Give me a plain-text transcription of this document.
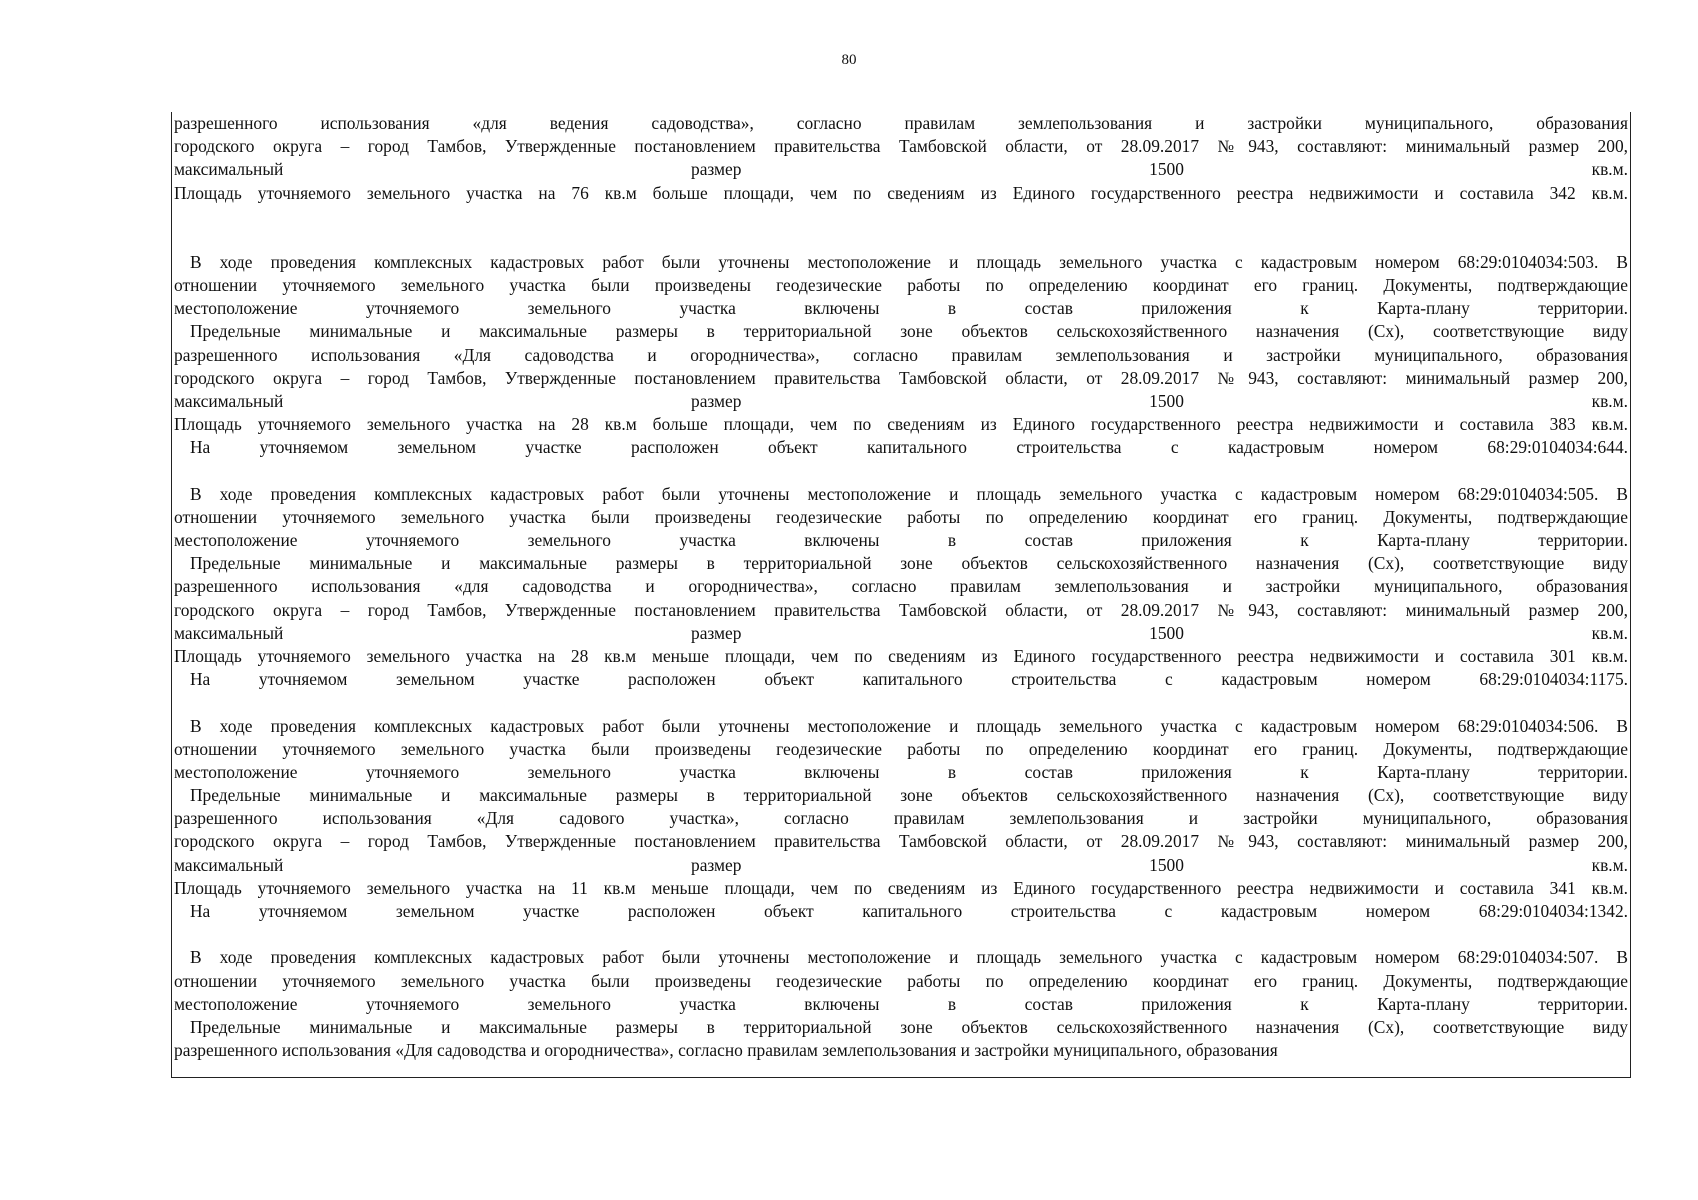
80
разрешенного использования «для ведения садоводства», согласно правилам землепользования и застройки муниципального, образования
городского округа – город Тамбов, Утвержденные постановлением правительства Тамбовской области, от 28.09.2017 №943, составляют: минимальный размер 200,
максимальный размер 1500 кв.м.
Площадь уточняемого земельного участка на 76 кв.м больше площади, чем по сведениям из Единого государственного реестра недвижимости и составила 342 кв.м.
В ходе проведения комплексных кадастровых работ были уточнены местоположение и площадь земельного участка с кадастровым номером 68:29:0104034:503. В
отношении уточняемого земельного участка были произведены геодезические работы по определению координат его границ. Документы, подтверждающие
местоположение уточняемого земельного участка включены в состав приложения к Карта-плану территории.
Предельные минимальные и максимальные размеры в территориальной зоне объектов сельскохозяйственного назначения (Сх), соответствующие виду
разрешенного использования «Для садоводства и огородничества», согласно правилам землепользования и застройки муниципального, образования
городского округа – город Тамбов, Утвержденные постановлением правительства Тамбовской области, от 28.09.2017 №943, составляют: минимальный размер 200,
максимальный размер 1500 кв.м.
Площадь уточняемого земельного участка на 28 кв.м больше площади, чем по сведениям из Единого государственного реестра недвижимости и составила 383 кв.м.
На уточняемом земельном участке расположен объект капитального строительства с кадастровым номером 68:29:0104034:644.
В ходе проведения комплексных кадастровых работ были уточнены местоположение и площадь земельного участка с кадастровым номером 68:29:0104034:505. В
отношении уточняемого земельного участка были произведены геодезические работы по определению координат его границ. Документы, подтверждающие
местоположение уточняемого земельного участка включены в состав приложения к Карта-плану территории.
Предельные минимальные и максимальные размеры в территориальной зоне объектов сельскохозяйственного назначения (Сх), соответствующие виду
разрешенного использования «для садоводства и огородничества», согласно правилам землепользования и застройки муниципального, образования
городского округа – город Тамбов, Утвержденные постановлением правительства Тамбовской области, от 28.09.2017 №943, составляют: минимальный размер 200,
максимальный размер 1500 кв.м.
Площадь уточняемого земельного участка на 28 кв.м меньше площади, чем по сведениям из Единого государственного реестра недвижимости и составила 301 кв.м.
На уточняемом земельном участке расположен объект капитального строительства с кадастровым номером 68:29:0104034:1175.
В ходе проведения комплексных кадастровых работ были уточнены местоположение и площадь земельного участка с кадастровым номером 68:29:0104034:506. В
отношении уточняемого земельного участка были произведены геодезические работы по определению координат его границ. Документы, подтверждающие
местоположение уточняемого земельного участка включены в состав приложения к Карта-плану территории.
Предельные минимальные и максимальные размеры в территориальной зоне объектов сельскохозяйственного назначения (Сх), соответствующие виду
разрешенного использования «Для садового участка», согласно правилам землепользования и застройки муниципального, образования
городского округа – город Тамбов, Утвержденные постановлением правительства Тамбовской области, от 28.09.2017 №943, составляют: минимальный размер 200,
максимальный размер 1500 кв.м.
Площадь уточняемого земельного участка на 11 кв.м меньше площади, чем по сведениям из Единого государственного реестра недвижимости и составила 341 кв.м.
На уточняемом земельном участке расположен объект капитального строительства с кадастровым номером 68:29:0104034:1342.
В ходе проведения комплексных кадастровых работ были уточнены местоположение и площадь земельного участка с кадастровым номером 68:29:0104034:507. В
отношении уточняемого земельного участка были произведены геодезические работы по определению координат его границ. Документы, подтверждающие
местоположение уточняемого земельного участка включены в состав приложения к Карта-плану территории.
Предельные минимальные и максимальные размеры в территориальной зоне объектов сельскохозяйственного назначения (Сх), соответствующие виду
разрешенного использования «Для садоводства и огородничества», согласно правилам землепользования и застройки муниципального, образования
